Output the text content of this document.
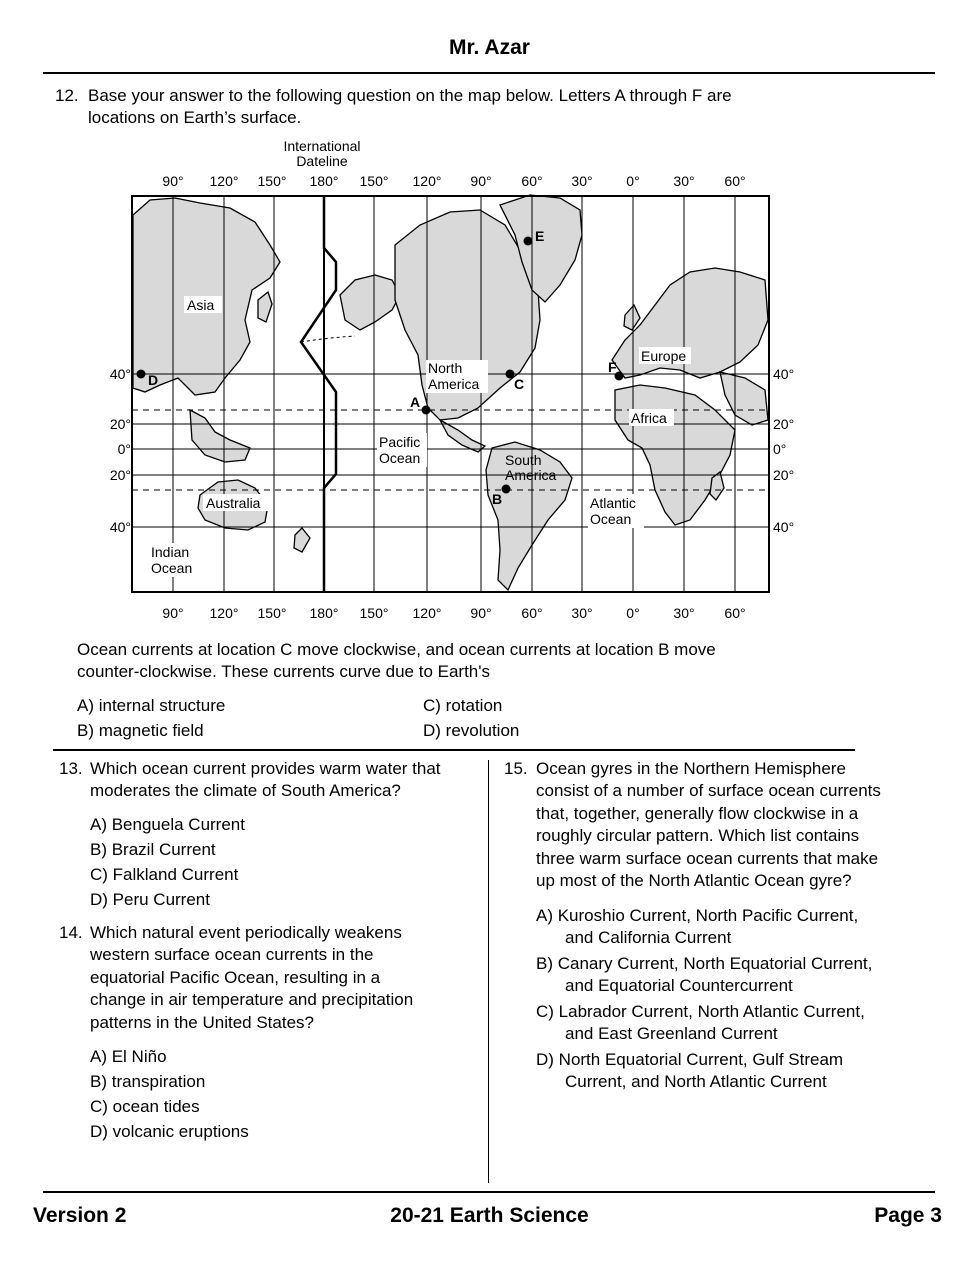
Mr. Azar
12. Base your answer to the following question on the map below. Letters A through F are
locations on Earth’s surface.
International
Dateline
90° 120° 150° 180° 150° 120° 90° 60° 30° 0° 30° 60°
90° 120° 150° 180° 150° 120° 90° 60° 30° 0° 30° 60°
40°
20°
0°
20°
40°
40°
20°
0°
20°
40°
Asia
North
America
Europe
Africa
Pacific
Ocean	South
America
Australia	Atlantic
Ocean
Indian
Ocean
A
B
C
D
E
F
Ocean currents at location C move clockwise, and ocean currents at location B move
counter-clockwise. These currents curve due to Earth's
A) internal structure
B) magnetic field
C) rotation
D) revolution
13. Which ocean current provides warm water that
moderates the climate of South America?
A) Benguela Current
B) Brazil Current
C) Falkland Current
D) Peru Current
14. Which natural event periodically weakens
western surface ocean currents in the
equatorial Pacific Ocean, resulting in a
change in air temperature and precipitation
patterns in the United States?
A) El Niño
B) transpiration
C) ocean tides
D) volcanic eruptions
15. Ocean gyres in the Northern Hemisphere
consist of a number of surface ocean currents
that, together, generally flow clockwise in a
roughly circular pattern. Which list contains
three warm surface ocean currents that make
up most of the North Atlantic Ocean gyre?
A) Kuroshio Current, North Pacific Current,
and California Current
B) Canary Current, North Equatorial Current,
and Equatorial Countercurrent
C) Labrador Current, North Atlantic Current,
and East Greenland Current
D) North Equatorial Current, Gulf Stream
Current, and North Atlantic Current
Version 2	20-21 Earth Science	Page 3
